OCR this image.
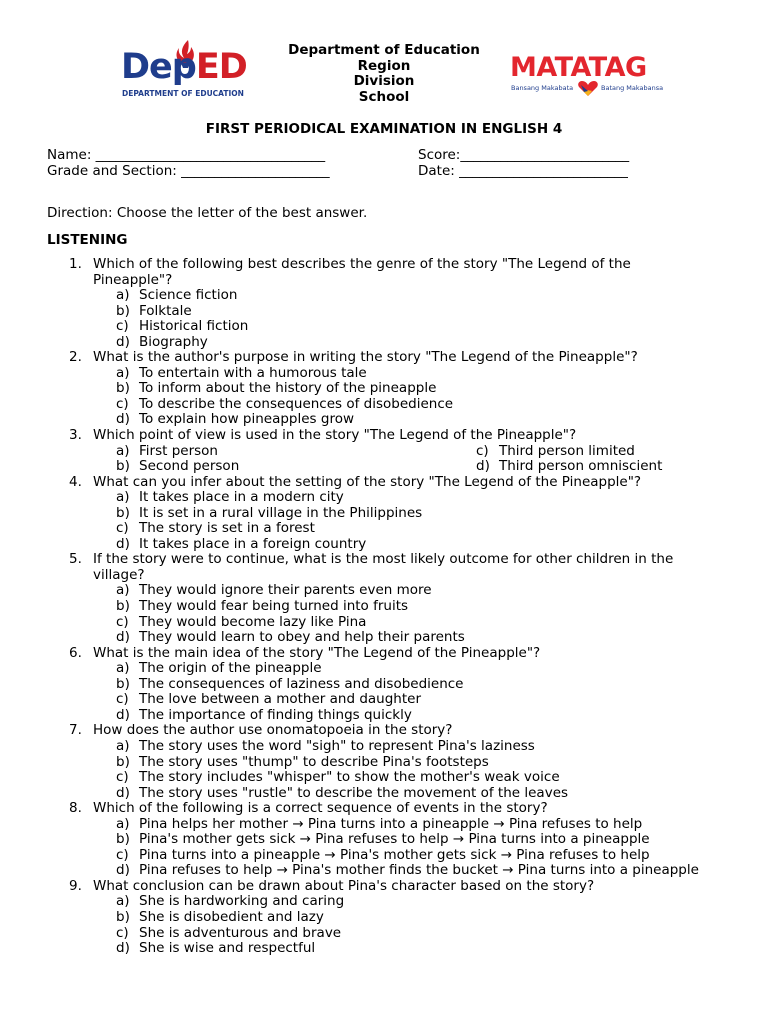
DepED
DEPARTMENT OF EDUCATION
Department of Education
Region
Division
School
MATATAG
Bansang Makabata	Batang Makabansa
FIRST PERIODICAL EXAMINATION IN ENGLISH 4
Name: __________________________________	Score:_________________________
Grade and Section: ______________________	Date: _________________________
Direction: Choose the letter of the best answer.
LISTENING
1. Which of the following best describes the genre of the story "The Legend of the Pineapple"?
a) Science fiction
b) Folktale
c) Historical fiction
d) Biography
2. What is the author's purpose in writing the story "The Legend of the Pineapple"?
a) To entertain with a humorous tale
b) To inform about the history of the pineapple
c) To describe the consequences of disobedience
d) To explain how pineapples grow
3. Which point of view is used in the story "The Legend of the Pineapple"?
a) First person	c) Third person limited
b) Second person	d) Third person omniscient
4. What can you infer about the setting of the story "The Legend of the Pineapple"?
a) It takes place in a modern city
b) It is set in a rural village in the Philippines
c) The story is set in a forest
d) It takes place in a foreign country
5. If the story were to continue, what is the most likely outcome for other children in the village?
a) They would ignore their parents even more
b) They would fear being turned into fruits
c) They would become lazy like Pina
d) They would learn to obey and help their parents
6. What is the main idea of the story "The Legend of the Pineapple"?
a) The origin of the pineapple
b) The consequences of laziness and disobedience
c) The love between a mother and daughter
d) The importance of finding things quickly
7. How does the author use onomatopoeia in the story?
a) The story uses the word "sigh" to represent Pina's laziness
b) The story uses "thump" to describe Pina's footsteps
c) The story includes "whisper" to show the mother's weak voice
d) The story uses "rustle" to describe the movement of the leaves
8. Which of the following is a correct sequence of events in the story?
a) Pina helps her mother → Pina turns into a pineapple → Pina refuses to help
b) Pina's mother gets sick → Pina refuses to help → Pina turns into a pineapple
c) Pina turns into a pineapple → Pina's mother gets sick → Pina refuses to help
d) Pina refuses to help → Pina's mother finds the bucket → Pina turns into a pineapple
9. What conclusion can be drawn about Pina's character based on the story?
a) She is hardworking and caring
b) She is disobedient and lazy
c) She is adventurous and brave
d) She is wise and respectful
